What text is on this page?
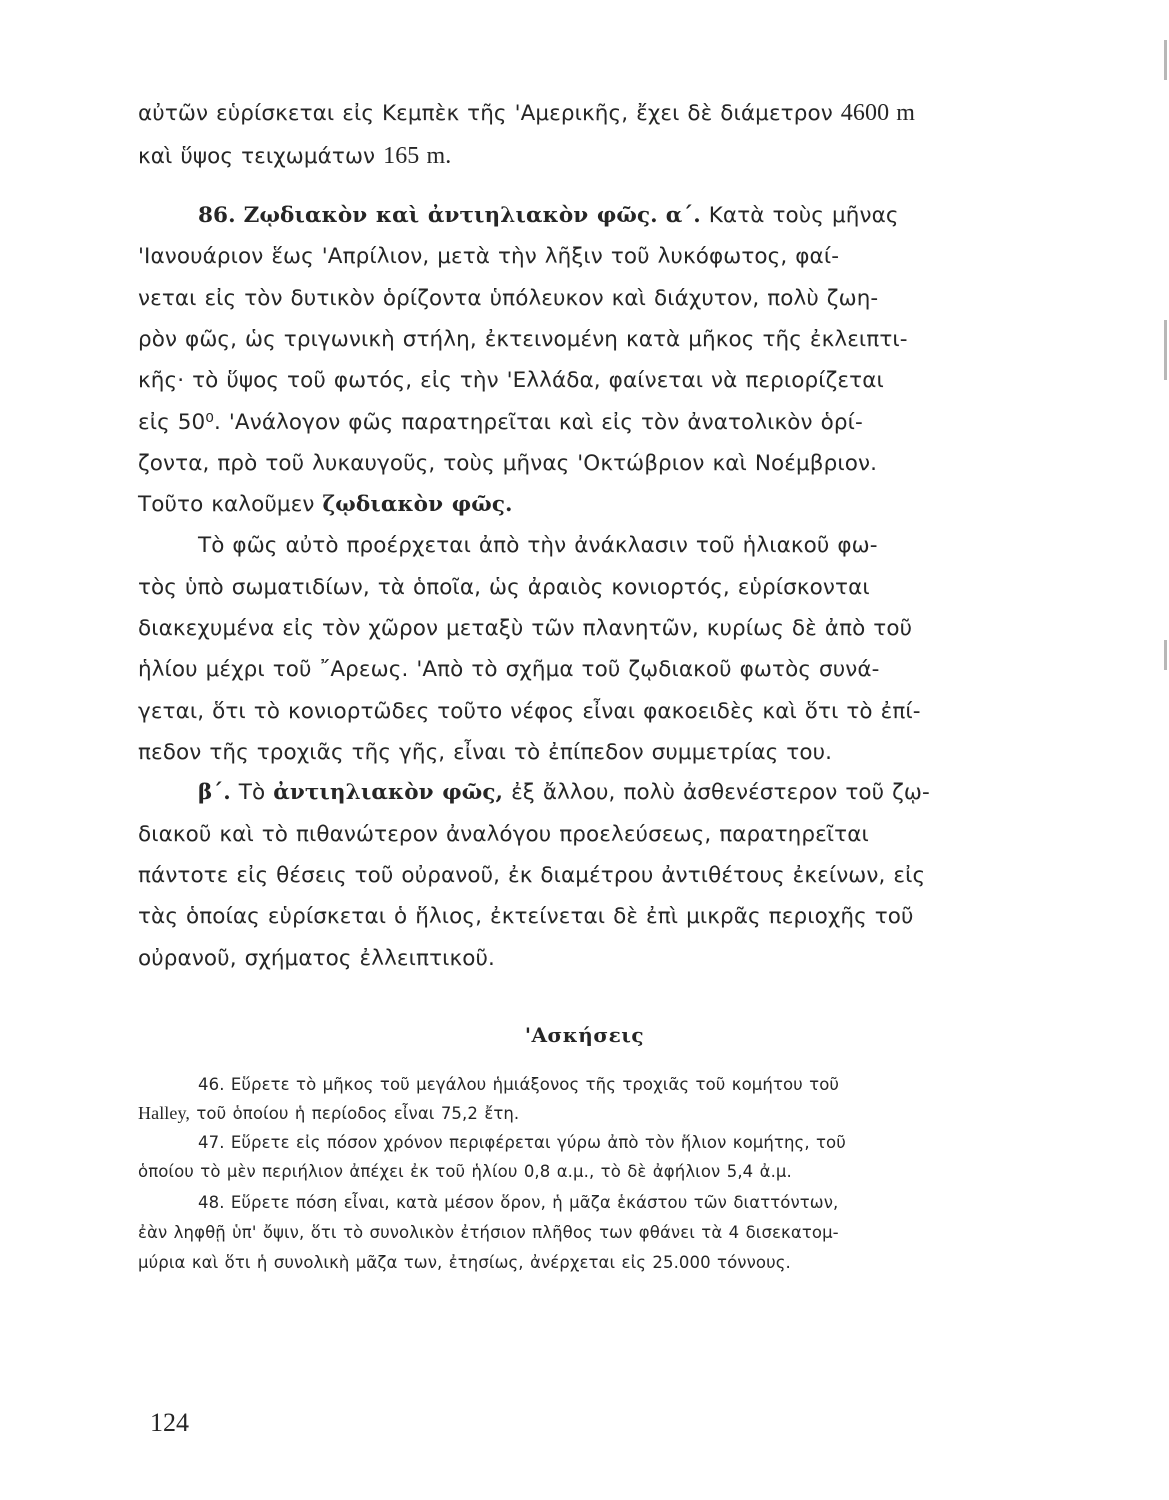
αὐτῶν εὑρίσκεται εἰς Κεμπὲκ τῆς 'Αμερικῆς, ἔχει δὲ διάμετρον 4600 m
καὶ ὕψος τειχωμάτων 165 m.
86. Ζῳδιακὸν καὶ ἀντιηλιακὸν φῶς. α΄. Κατὰ τοὺς μῆνας
'Ιανουάριον ἕως 'Απρίλιον, μετὰ τὴν λῆξιν τοῦ λυκόφωτος, φαί-
νεται εἰς τὸν δυτικὸν ὁρίζοντα ὑπόλευκον καὶ διάχυτον, πολὺ ζωη-
ρὸν φῶς, ὡς τριγωνικὴ στήλη, ἐκτεινομένη κατὰ μῆκος τῆς ἐκλειπτι-
κῆς· τὸ ὕψος τοῦ φωτός, εἰς τὴν 'Ελλάδα, φαίνεται νὰ περιορίζεται
εἰς 50⁰. 'Ανάλογον φῶς παρατηρεῖται καὶ εἰς τὸν ἀνατολικὸν ὁρί-
ζοντα, πρὸ τοῦ λυκαυγοῦς, τοὺς μῆνας 'Οκτώβριον καὶ Νοέμβριον.
Τοῦτο καλοῦμεν ζῳδιακὸν φῶς.
Τὸ φῶς αὐτὸ προέρχεται ἀπὸ τὴν ἀνάκλασιν τοῦ ἡλιακοῦ φω-
τὸς ὑπὸ σωματιδίων, τὰ ὁποῖα, ὡς ἀραιὸς κονιορτός, εὑρίσκονται
διακεχυμένα εἰς τὸν χῶρον μεταξὺ τῶν πλανητῶν, κυρίως δὲ ἀπὸ τοῦ
ἡλίου μέχρι τοῦ ῎Αρεως. 'Απὸ τὸ σχῆμα τοῦ ζῳδιακοῦ φωτὸς συνά-
γεται, ὅτι τὸ κονιορτῶδες τοῦτο νέφος εἶναι φακοειδὲς καὶ ὅτι τὸ ἐπί-
πεδον τῆς τροχιᾶς τῆς γῆς, εἶναι τὸ ἐπίπεδον συμμετρίας του.
β΄. Τὸ ἀντιηλιακὸν φῶς, ἐξ ἄλλου, πολὺ ἀσθενέστερον τοῦ ζῳ-
διακοῦ καὶ τὸ πιθανώτερον ἀναλόγου προελεύσεως, παρατηρεῖται
πάντοτε εἰς θέσεις τοῦ οὐρανοῦ, ἐκ διαμέτρου ἀντιθέτους ἐκείνων, εἰς
τὰς ὁποίας εὑρίσκεται ὁ ἥλιος, ἐκτείνεται δὲ ἐπὶ μικρᾶς περιοχῆς τοῦ
οὐρανοῦ, σχήματος ἐλλειπτικοῦ.
'Ασκήσεις
46. Εὕρετε τὸ μῆκος τοῦ μεγάλου ἡμιάξονος τῆς τροχιᾶς τοῦ κομήτου τοῦ
Halley, τοῦ ὁποίου ἡ περίοδος εἶναι 75,2 ἔτη.
47. Εὕρετε εἰς πόσον χρόνον περιφέρεται γύρω ἀπὸ τὸν ἥλιον κομήτης, τοῦ
ὁποίου τὸ μὲν περιήλιον ἀπέχει ἐκ τοῦ ἡλίου 0,8 α.μ., τὸ δὲ ἀφήλιον 5,4 ἀ.μ.
48. Εὕρετε πόση εἶναι, κατὰ μέσον ὅρον, ἡ μᾶζα ἑκάστου τῶν διαττόντων,
ἐὰν ληφθῇ ὑπ' ὄψιν, ὅτι τὸ συνολικὸν ἐτήσιον πλῆθος των φθάνει τὰ 4 δισεκατομ-
μύρια καὶ ὅτι ἡ συνολικὴ μᾶζα των, ἐτησίως, ἀνέρχεται εἰς 25.000 τόννους.
124
